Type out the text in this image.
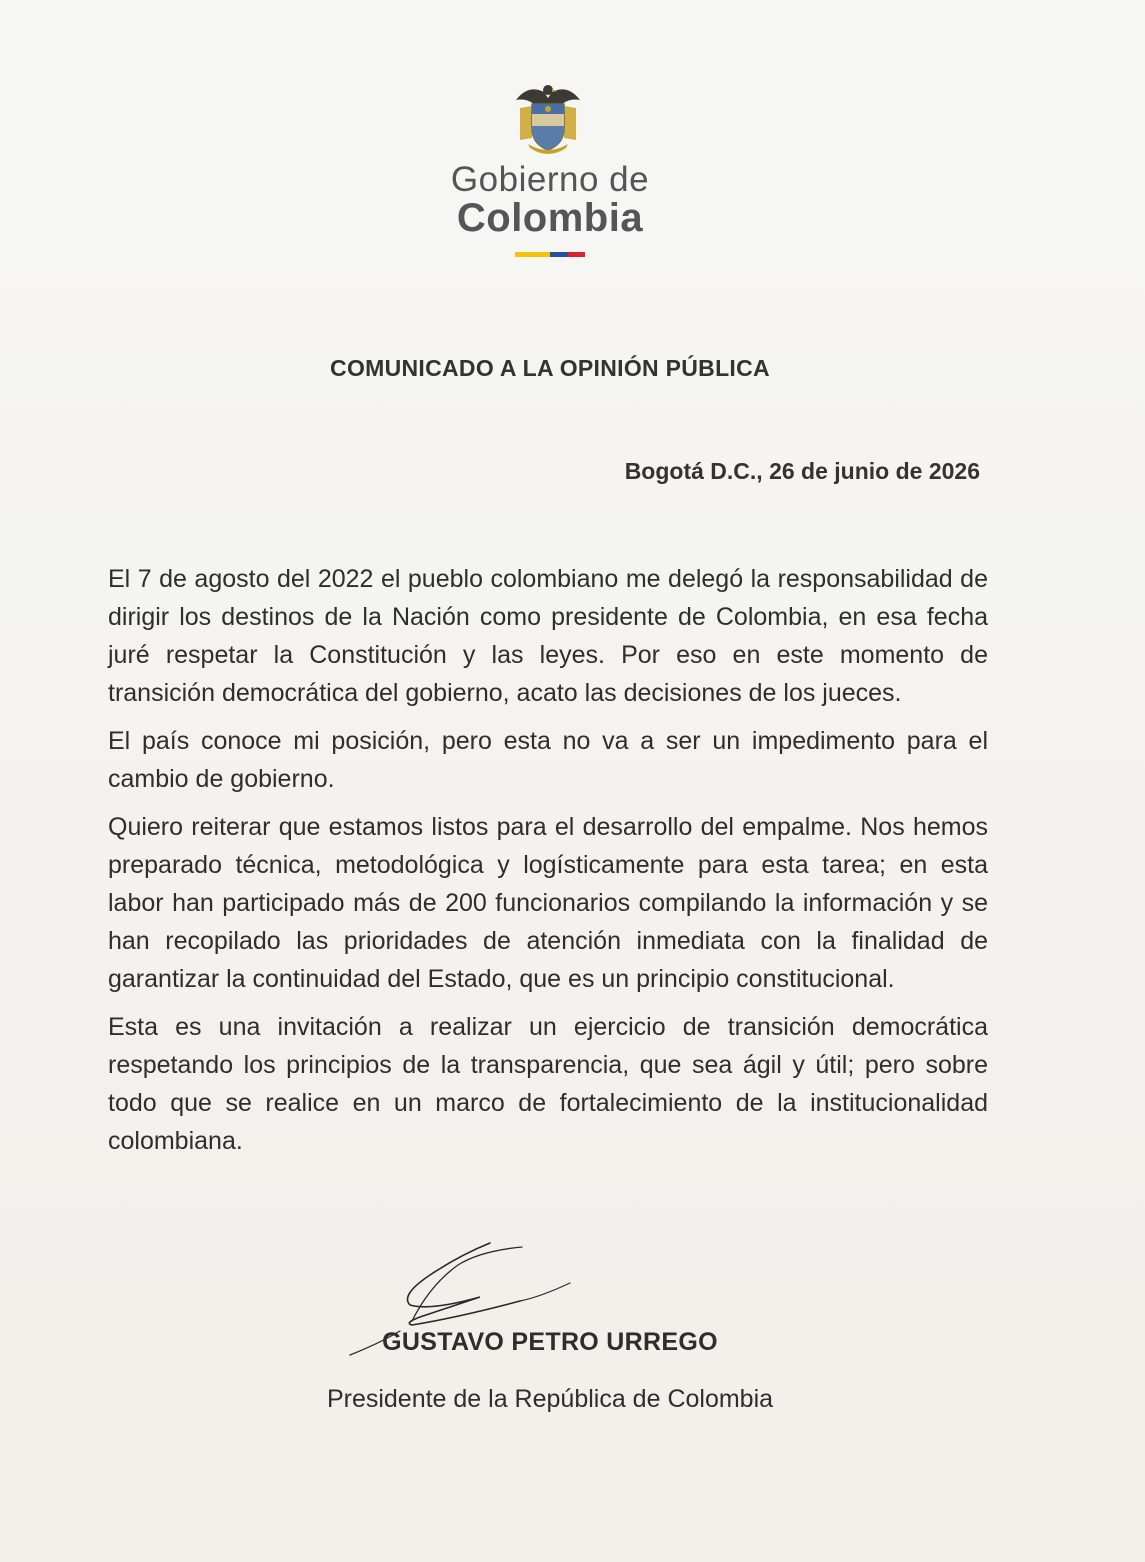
Gobierno de
Colombia
COMUNICADO A LA OPINIÓN PÚBLICA
Bogotá D.C., 26 de junio de 2026

El 7 de agosto del 2022 el pueblo colombiano me delegó la responsabilidad de dirigir los destinos de la Nación como presidente de Colombia, en esa fecha juré respetar la Constitución y las leyes. Por eso en este momento de transición democrática del gobierno, acato las decisiones de los jueces.

El país conoce mi posición, pero esta no va a ser un impedimento para el cambio de gobierno.

Quiero reiterar que estamos listos para el desarrollo del empalme. Nos hemos preparado técnica, metodológica y logísticamente para esta tarea; en esta labor han participado más de 200 funcionarios compilando la información y se han recopilado las prioridades de atención inmediata con la finalidad de garantizar la continuidad del Estado, que es un principio constitucional.

Esta es una invitación a realizar un ejercicio de transición democrática respetando los principios de la transparencia, que sea ágil y útil; pero sobre todo que se realice en un marco de fortalecimiento de la institucionalidad colombiana.

GUSTAVO PETRO URREGO
Presidente de la República de Colombia
